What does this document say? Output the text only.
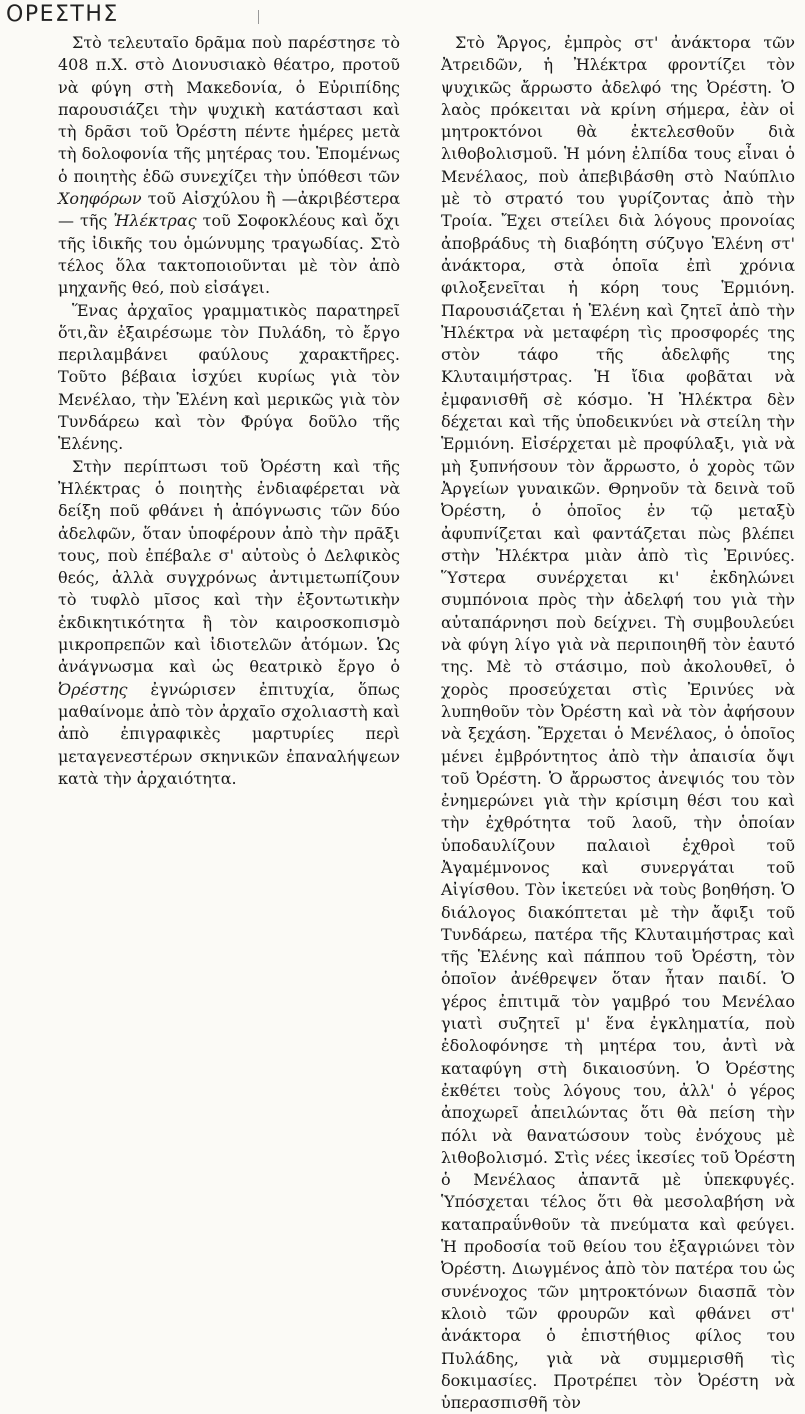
ΟΡΕΣΤΗΣ

Στὸ τελευταῖο δρᾶμα ποὺ παρέστησε τὸ 408 π.Χ. στὸ Διονυσιακὸ θέατρο, προτοῦ νὰ φύγη στὴ Μακεδονία, ὁ Εὐριπίδης παρουσιάζει τὴν ψυχικὴ κατάστασι καὶ τὴ δρᾶσι τοῦ Ὀρέστη πέντε ἡμέρες μετὰ τὴ δολοφονία τῆς μητέρας του. Ἑπομένως ὁ ποιητὴς ἐδῶ συνεχίζει τὴν ὑπόθεσι τῶν Χοηφόρων τοῦ Αἰσχύλου ἢ —ἀκριβέστερα — τῆς Ἠλέκτρας τοῦ Σοφοκλέους καὶ ὄχι τῆς ἰδικῆς του ὁμώνυμης τραγωδίας. Στὸ τέλος ὅλα τακτοποιοῦνται μὲ τὸν ἀπὸ μηχανῆς θεό, ποὺ εἰσάγει.

Ἕνας ἀρχαῖος γραμματικὸς παρατηρεῖ ὅτι,ἂν ἐξαιρέσωμε τὸν Πυλάδη, τὸ ἔργο περιλαμβάνει φαύλους χαρακτῆρες. Τοῦτο βέβαια ἰσχύει κυρίως γιὰ τὸν Μενέλαο, τὴν Ἑλένη καὶ μερικῶς γιὰ τὸν Τυνδάρεω καὶ τὸν Φρύγα δοῦλο τῆς Ἑλένης.

Στὴν περίπτωσι τοῦ Ὀρέστη καὶ τῆς Ἠλέκτρας ὁ ποιητὴς ἐνδιαφέρεται νὰ δείξη ποῦ φθάνει ἡ ἀπόγνωσις τῶν δύο ἀδελφῶν, ὅταν ὑποφέρουν ἀπὸ τὴν πρᾶξι τους, ποὺ ἐπέβαλε σ' αὐτοὺς ὁ Δελφικὸς θεός, ἀλλὰ συγχρόνως ἀντιμετωπίζουν τὸ τυφλὸ μῖσος καὶ τὴν ἐξοντωτικὴν ἐκδικητικότητα ἢ τὸν καιροσκοπισμὸ μικροπρεπῶν καὶ ἰδιοτελῶν ἀτόμων. Ὡς ἀνάγνωσμα καὶ ὡς θεατρικὸ ἔργο ὁ Ὀρέστης ἐγνώρισεν ἐπιτυχία, ὅπως μαθαίνομε ἀπὸ τὸν ἀρχαῖο σχολιαστὴ καὶ ἀπὸ ἐπιγραφικὲς μαρτυρίες περὶ μεταγενεστέρων σκηνικῶν ἐπαναλήψεων κατὰ τὴν ἀρχαιότητα.

Στὸ Ἄργος, ἐμπρὸς στ' ἀνάκτορα τῶν Ἀτρειδῶν, ἡ Ἠλέκτρα φροντίζει τὸν ψυχικῶς ἄρρωστο ἀδελφό της Ὀρέστη. Ὁ λαὸς πρόκειται νὰ κρίνη σήμερα, ἐὰν οἱ μητροκτόνοι θὰ ἐκτελεσθοῦν διὰ λιθοβολισμοῦ. Ἡ μόνη ἐλπίδα τους εἶναι ὁ Μενέλαος, ποὺ ἀπεβιβάσθη στὸ Ναύπλιο μὲ τὸ στρατό του γυρίζοντας ἀπὸ τὴν Τροία. Ἔχει στείλει διὰ λόγους προνοίας ἀποβράδυς τὴ διαβόητη σύζυγο Ἑλένη στ' ἀνάκτορα, στὰ ὁποῖα ἐπὶ χρόνια φιλοξενεῖται ἡ κόρη τους Ἑρμιόνη. Παρουσιάζεται ἡ Ἑλένη καὶ ζητεῖ ἀπὸ τὴν Ἠλέκτρα νὰ μεταφέρη τὶς προσφορές της στὸν τάφο τῆς ἀδελφῆς της Κλυταιμήστρας. Ἡ ἴδια φοβᾶται νὰ ἐμφανισθῆ σὲ κόσμο. Ἡ Ἠλέκτρα δὲν δέχεται καὶ τῆς ὑποδεικνύει νὰ στείλη τὴν Ἑρμιόνη. Εἰσέρχεται μὲ προφύλαξι, γιὰ νὰ μὴ ξυπνήσουν τὸν ἄρρωστο, ὁ χορὸς τῶν Ἀργείων γυναικῶν. Θρηνοῦν τὰ δεινὰ τοῦ Ὀρέστη, ὁ ὁποῖος ἐν τῷ μεταξὺ ἀφυπνίζεται καὶ φαντάζεται πὼς βλέπει στὴν Ἠλέκτρα μιὰν ἀπὸ τὶς Ἐρινύες. Ὕστερα συνέρχεται κι' ἐκδηλώνει συμπόνοια πρὸς τὴν ἀδελφή του γιὰ τὴν αὐταπάρνησι ποὺ δείχνει. Τὴ συμβουλεύει νὰ φύγη λίγο γιὰ νὰ περιποιηθῆ τὸν ἑαυτό της. Μὲ τὸ στάσιμο, ποὺ ἀκολουθεῖ, ὁ χορὸς προσεύχεται στὶς Ἐρινύες νὰ λυπηθοῦν τὸν Ὀρέστη καὶ νὰ τὸν ἀφήσουν νὰ ξεχάση. Ἔρχεται ὁ Μενέλαος, ὁ ὁποῖος μένει ἐμβρόντητος ἀπὸ τὴν ἀπαισία ὄψι τοῦ Ὀρέστη. Ὁ ἄρρωστος ἀνεψιός του τὸν ἐνημερώνει γιὰ τὴν κρίσιμη θέσι του καὶ τὴν ἐχθρότητα τοῦ λαοῦ, τὴν ὁποίαν ὑποδαυλίζουν παλαιοὶ ἐχθροὶ τοῦ Ἀγαμέμνονος καὶ συνεργάται τοῦ Αἰγίσθου. Τὸν ἱκετεύει νὰ τοὺς βοηθήση. Ὁ διάλογος διακόπτεται μὲ τὴν ἄφιξι τοῦ Τυνδάρεω, πατέρα τῆς Κλυταιμήστρας καὶ τῆς Ἑλένης καὶ πάππου τοῦ Ὀρέστη, τὸν ὁποῖον ἀνέθρεψεν ὅταν ἦταν παιδί. Ὁ γέρος ἐπιτιμᾶ τὸν γαμβρό του Μενέλαο γιατὶ συζητεῖ μ' ἕνα ἐγκληματία, ποὺ ἐδολοφόνησε τὴ μητέρα του, ἀντὶ νὰ καταφύγη στὴ δικαιοσύνη. Ὁ Ὀρέστης ἐκθέτει τοὺς λόγους του, ἀλλ' ὁ γέρος ἀποχωρεῖ ἀπειλώντας ὅτι θὰ πείση τὴν πόλι νὰ θανατώσουν τοὺς ἐνόχους μὲ λιθοβολισμό. Στὶς νέες ἱκεσίες τοῦ Ὀρέστη ὁ Μενέλαος ἀπαντᾶ μὲ ὑπεκφυγές. Ὑπόσχεται τέλος ὅτι θὰ μεσολαβήση νὰ καταπραΰνθοῦν τὰ πνεύματα καὶ φεύγει. Ἡ προδοσία τοῦ θείου του ἐξαγριώνει τὸν Ὀρέστη. Διωγμένος ἀπὸ τὸν πατέρα του ὡς συνένοχος τῶν μητροκτόνων διασπᾶ τὸν κλοιὸ τῶν φρουρῶν καὶ φθάνει στ' ἀνάκτορα ὁ ἐπιστήθιος φίλος του Πυλάδης, γιὰ νὰ συμμερισθῆ τὶς δοκιμασίες. Προτρέπει τὸν Ὀρέστη νὰ ὑπερασπισθῆ τὸν
